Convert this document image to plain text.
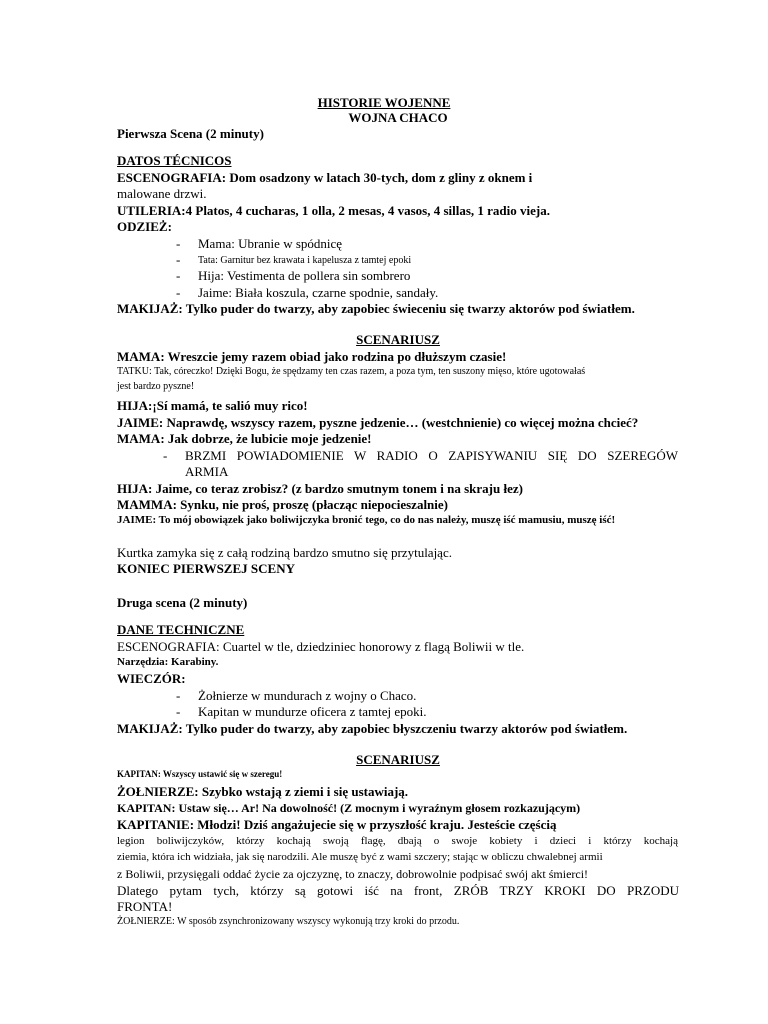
HISTORIE WOJENNE
WOJNA CHACO
Pierwsza Scena (2 minuty)
DATOS TÉCNICOS
ESCENOGRAFIA: Dom osadzony w latach 30-tych, dom z gliny z oknem i
malowane drzwi.
UTILERIA:4 Platos, 4 cucharas, 1 olla, 2 mesas, 4 vasos, 4 sillas, 1 radio vieja.
ODZIEŻ:
- Mama: Ubranie w spódnicę
- Tata: Garnitur bez krawata i kapelusza z tamtej epoki
- Hija: Vestimenta de pollera sin sombrero
- Jaime: Biała koszula, czarne spodnie, sandały.
MAKIJAŻ: Tylko puder do twarzy, aby zapobiec świeceniu się twarzy aktorów pod światłem.
SCENARIUSZ
MAMA: Wreszcie jemy razem obiad jako rodzina po dłuższym czasie!
TATKU: Tak, córeczko! Dzięki Bogu, że spędzamy ten czas razem, a poza tym, ten suszony mięso, które ugotowałaś
jest bardzo pyszne!
HIJA:¡Sí mamá, te salió muy rico!
JAIME: Naprawdę, wszyscy razem, pyszne jedzenie… (westchnienie) co więcej można chcieć?
MAMA: Jak dobrze, że lubicie moje jedzenie!
- BRZMI POWIADOMIENIE W RADIO O ZAPISYWANIU SIĘ DO SZEREGÓW
ARMIA
HIJA: Jaime, co teraz zrobisz? (z bardzo smutnym tonem i na skraju łez)
MAMMA: Synku, nie proś, proszę (płacząc niepocieszalnie)
JAIME: To mój obowiązek jako boliwijczyka bronić tego, co do nas należy, muszę iść mamusiu, muszę iść!
Kurtka zamyka się z całą rodziną bardzo smutno się przytulając.
KONIEC PIERWSZEJ SCENY
Druga scena (2 minuty)
DANE TECHNICZNE
ESCENOGRAFIA: Cuartel w tle, dziedziniec honorowy z flagą Boliwii w tle.
Narzędzia: Karabiny.
WIECZÓR:
- Żołnierze w mundurach z wojny o Chaco.
- Kapitan w mundurze oficera z tamtej epoki.
MAKIJAŻ: Tylko puder do twarzy, aby zapobiec błyszczeniu twarzy aktorów pod światłem.
SCENARIUSZ
KAPITAN: Wszyscy ustawić się w szeregu!
ŻOŁNIERZE: Szybko wstają z ziemi i się ustawiają.
KAPITAN: Ustaw się… Ar! Na dowolność! (Z mocnym i wyraźnym głosem rozkazującym)
KAPITANIE: Młodzi! Dziś angażujecie się w przyszłość kraju. Jesteście częścią
legion boliwijczyków, którzy kochają swoją flagę, dbają o swoje kobiety i dzieci i którzy kochają
ziemia, która ich widziała, jak się narodzili. Ale muszę być z wami szczery; stając w obliczu chwalebnej armii
z Boliwii, przysięgali oddać życie za ojczyznę, to znaczy, dobrowolnie podpisać swój akt śmierci!
Dlatego pytam tych, którzy są gotowi iść na front, ZRÓB TRZY KROKI DO PRZODU
FRONTA!
ŻOŁNIERZE: W sposób zsynchronizowany wszyscy wykonują trzy kroki do przodu.
